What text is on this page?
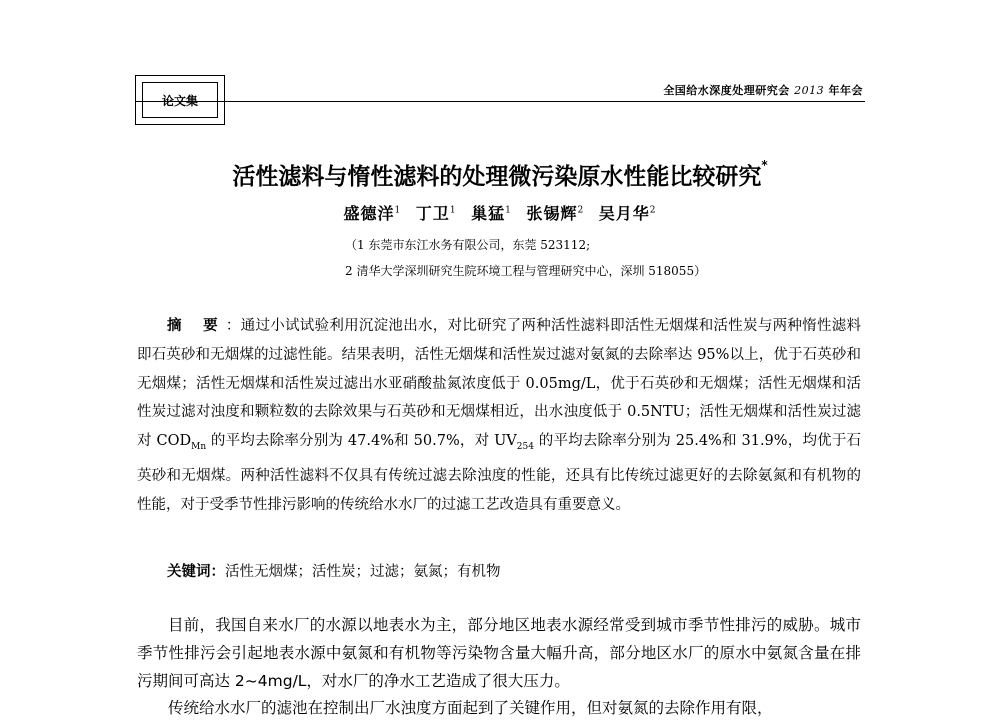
论文集
全国给水深度处理研究会 2013 年年会
活性滤料与惰性滤料的处理微污染原水性能比较研究*
盛德洋$^1$ 丁卫$^1$ 巢猛$^1$ 张锡辉$^2$ 吴月华$^2$
（1 东莞市东江水务有限公司，东莞 523112;
2 清华大学深圳研究生院环境工程与管理研究中心，深圳 518055）
摘 要：通过小试试验利用沉淀池出水，对比研究了两种活性滤料即活性无烟煤和活性炭与两种惰性滤料即石英砂和无烟煤的过滤性能。结果表明，活性无烟煤和活性炭过滤对氨氮的去除率达 95%以上，优于石英砂和无烟煤；活性无烟煤和活性炭过滤出水亚硝酸盐氮浓度低于 0.05mg/L，优于石英砂和无烟煤；活性无烟煤和活性炭过滤对浊度和颗粒数的去除效果与石英砂和无烟煤相近，出水浊度低于 0.5NTU；活性无烟煤和活性炭过滤对 $COD_{Mn}$ 的平均去除率分别为 47.4%和 50.7%，对 $UV_{254}$ 的平均去除率分别为 25.4%和 31.9%，均优于石英砂和无烟煤。两种活性滤料不仅具有传统过滤去除浊度的性能，还具有比传统过滤更好的去除氨氮和有机物的性能，对于受季节性排污影响的传统给水水厂的过滤工艺改造具有重要意义。
关键词：活性无烟煤；活性炭；过滤；氨氮；有机物

目前，我国自来水厂的水源以地表水为主，部分地区地表水源经常受到城市季节性排污的威胁。城市季节性排污会引起地表水源中氨氮和有机物等污染物含量大幅升高，部分地区水厂的原水中氨氮含量在排污期间可高达 2~4mg/L，对水厂的净水工艺造成了很大压力。

传统给水水厂的滤池在控制出厂水浊度方面起到了关键作用，但对氨氮的去除作用有限，
